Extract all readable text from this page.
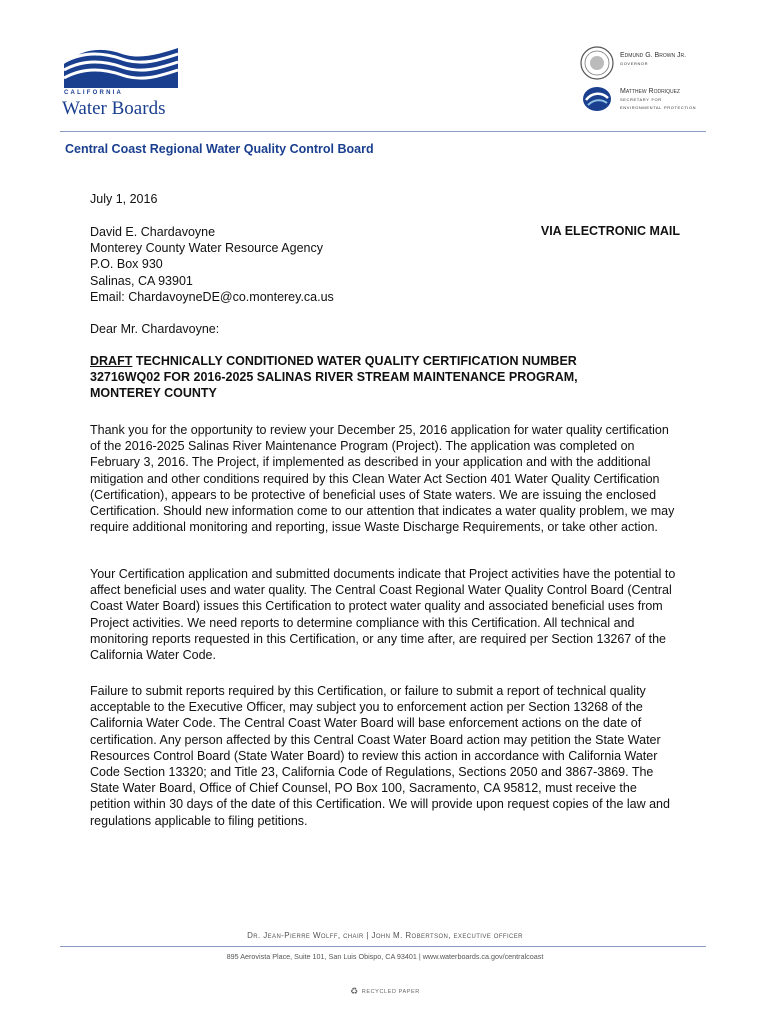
CALIFORNIA
Water Boards
Edmund G. Brown Jr.
governor
Matthew Rodriquez
secretary for
environmental protection
Central Coast Regional Water Quality Control Board
July 1, 2016
David E. Chardavoyne
Monterey County Water Resource Agency
P.O. Box 930
Salinas, CA 93901
Email: ChardavoyneDE@co.monterey.ca.us
VIA ELECTRONIC MAIL
Dear Mr. Chardavoyne:
DRAFT TECHNICALLY CONDITIONED WATER QUALITY CERTIFICATION NUMBER 32716WQ02 FOR 2016-2025 SALINAS RIVER STREAM MAINTENANCE PROGRAM, MONTEREY COUNTY
Thank you for the opportunity to review your December 25, 2016 application for water quality certification of the 2016-2025 Salinas River Maintenance Program (Project). The application was completed on February 3, 2016. The Project, if implemented as described in your application and with the additional mitigation and other conditions required by this Clean Water Act Section 401 Water Quality Certification (Certification), appears to be protective of beneficial uses of State waters. We are issuing the enclosed Certification. Should new information come to our attention that indicates a water quality problem, we may require additional monitoring and reporting, issue Waste Discharge Requirements, or take other action.
Your Certification application and submitted documents indicate that Project activities have the potential to affect beneficial uses and water quality. The Central Coast Regional Water Quality Control Board (Central Coast Water Board) issues this Certification to protect water quality and associated beneficial uses from Project activities. We need reports to determine compliance with this Certification. All technical and monitoring reports requested in this Certification, or any time after, are required per Section 13267 of the California Water Code.
Failure to submit reports required by this Certification, or failure to submit a report of technical quality acceptable to the Executive Officer, may subject you to enforcement action per Section 13268 of the California Water Code. The Central Coast Water Board will base enforcement actions on the date of certification. Any person affected by this Central Coast Water Board action may petition the State Water Resources Control Board (State Water Board) to review this action in accordance with California Water Code Section 13320; and Title 23, California Code of Regulations, Sections 2050 and 3867-3869. The State Water Board, Office of Chief Counsel, PO Box 100, Sacramento, CA 95812, must receive the petition within 30 days of the date of this Certification. We will provide upon request copies of the law and regulations applicable to filing petitions.
Dr. Jean-Pierre Wolff, chair | John M. Robertson, executive officer
895 Aerovista Place, Suite 101, San Luis Obispo, CA 93401 | www.waterboards.ca.gov/centralcoast
♻ RECYCLED PAPER
